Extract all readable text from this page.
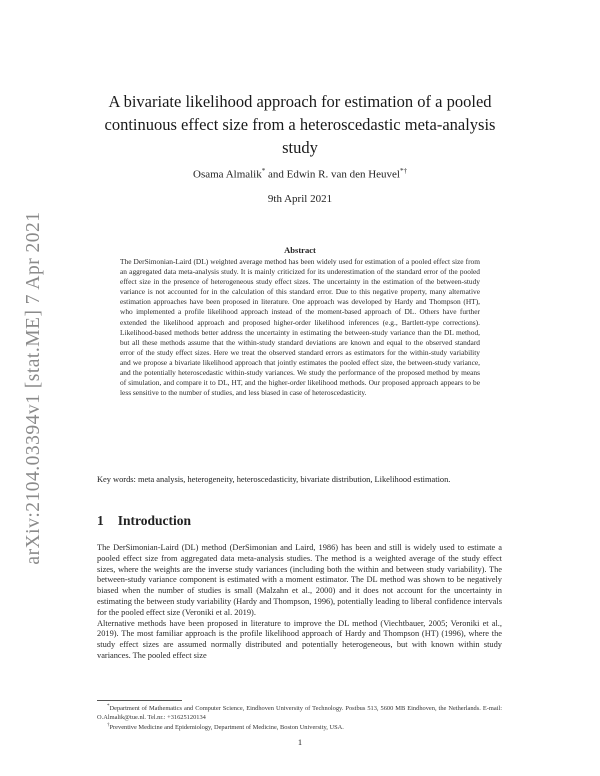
arXiv:2104.03394v1 [stat.ME] 7 Apr 2021
A bivariate likelihood approach for estimation of a pooled continuous effect size from a heteroscedastic meta-analysis study
Osama Almalik* and Edwin R. van den Heuvel*†
9th April 2021
Abstract
The DerSimonian-Laird (DL) weighted average method has been widely used for estimation of a pooled effect size from an aggregated data meta-analysis study. It is mainly criticized for its underestimation of the standard error of the pooled effect size in the presence of heterogeneous study effect sizes. The uncertainty in the estimation of the between-study variance is not accounted for in the calculation of this standard error. Due to this negative property, many alternative estimation approaches have been proposed in literature. One approach was developed by Hardy and Thompson (HT), who implemented a profile likelihood approach instead of the moment-based approach of DL. Others have further extended the likelihood approach and proposed higher-order likelihood inferences (e.g., Bartlett-type corrections). Likelihood-based methods better address the uncertainty in estimating the between-study variance than the DL method, but all these methods assume that the within-study standard deviations are known and equal to the observed standard error of the study effect sizes. Here we treat the observed standard errors as estimators for the within-study variability and we propose a bivariate likelihood approach that jointly estimates the pooled effect size, the between-study variance, and the potentially heteroscedastic within-study variances. We study the performance of the proposed method by means of simulation, and compare it to DL, HT, and the higher-order likelihood methods. Our proposed approach appears to be less sensitive to the number of studies, and less biased in case of heteroscedasticity.
Key words: meta analysis, heterogeneity, heteroscedasticity, bivariate distribution, Likelihood estimation.
1 Introduction

The DerSimonian-Laird (DL) method (DerSimonian and Laird, 1986) has been and still is widely used to estimate a pooled effect size from aggregated data meta-analysis studies. The method is a weighted average of the study effect sizes, where the weights are the inverse study variances (including both the within and between study variability). The between-study variance component is estimated with a moment estimator. The DL method was shown to be negatively biased when the number of studies is small (Malzahn et al., 2000) and it does not account for the uncertainty in estimating the between study variability (Hardy and Thompson, 1996), potentially leading to liberal confidence intervals for the pooled effect size (Veroniki et al. 2019).

Alternative methods have been proposed in literature to improve the DL method (Viechtbauer, 2005; Veroniki et al., 2019). The most familiar approach is the profile likelihood approach of Hardy and Thompson (HT) (1996), where the study effect sizes are assumed normally distributed and potentially heterogeneous, but with known within study variances. The pooled effect size

*Department of Mathematics and Computer Science, Eindhoven University of Technology. Postbus 513, 5600 MB Eindhoven, the Netherlands. E-mail: O.Almalik@tue.nl. Tel.nr.: +31625120134

†Preventive Medicine and Epidemiology, Department of Medicine, Boston University, USA.

1
